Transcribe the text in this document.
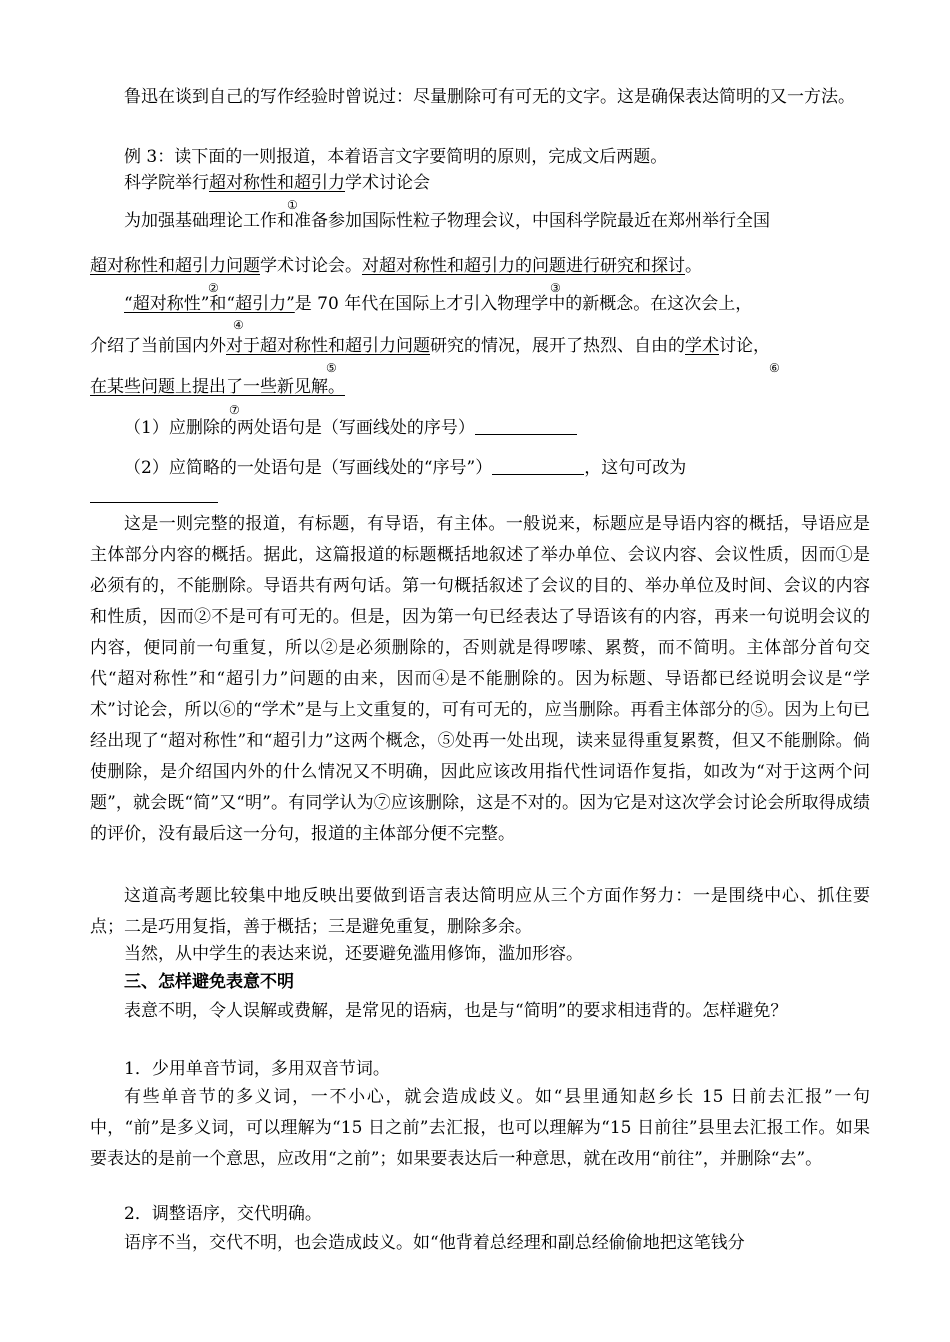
鲁迅在谈到自己的写作经验时曾说过：尽量删除可有可无的文字。这是确保表达简明的又一方法。
例 3：读下面的一则报道，本着语言文字要简明的原则，完成文后两题。
科学院举行超对称性和超引力学术讨论会
①
为加强基础理论工作和准备参加国际性粒子物理会议，中国科学院最近在郑州举行全国
超对称性和超引力问题学术讨论会。对超对称性和超引力的问题进行研究和探讨。
②	③
“超对称性”和“超引力”是 70 年代在国际上才引入物理学中的新概念。在这次会上，
④
介绍了当前国内外对于超对称性和超引力问题研究的情况，展开了热烈、自由的学术讨论，
⑤	⑥
在某些问题上提出了一些新见解。
⑦
（1）应删除的两处语句是（写画线处的序号）
（2）应简略的一处语句是（写画线处的“序号”）	，这句可改为
这是一则完整的报道，有标题，有导语，有主体。一般说来，标题应是导语内容的概括，导语应是主体部分内容的概括。据此，这篇报道的标题概括地叙述了举办单位、会议内容、会议性质，因而①是必须有的，不能删除。导语共有两句话。第一句概括叙述了会议的目的、举办单位及时间、会议的内容和性质，因而②不是可有可无的。但是，因为第一句已经表达了导语该有的内容，再来一句说明会议的内容，便同前一句重复，所以②是必须删除的，否则就是得啰嗦、累赘，而不简明。主体部分首句交代“超对称性”和“超引力”问题的由来，因而④是不能删除的。因为标题、导语都已经说明会议是“学术”讨论会，所以⑥的“学术”是与上文重复的，可有可无的，应当删除。再看主体部分的⑤。因为上句已经出现了“超对称性”和“超引力”这两个概念，⑤处再一处出现，读来显得重复累赘，但又不能删除。倘使删除，是介绍国内外的什么情况又不明确，因此应该改用指代性词语作复指，如改为“对于这两个问题”，就会既“简”又“明”。有同学认为⑦应该删除，这是不对的。因为它是对这次学会讨论会所取得成绩的评价，没有最后这一分句，报道的主体部分便不完整。
这道高考题比较集中地反映出要做到语言表达简明应从三个方面作努力：一是围绕中心、抓住要点；二是巧用复指，善于概括；三是避免重复，删除多余。
当然，从中学生的表达来说，还要避免滥用修饰，滥加形容。
三、怎样避免表意不明
表意不明，令人误解或费解，是常见的语病，也是与“简明”的要求相违背的。怎样避免？
1．少用单音节词，多用双音节词。
有些单音节的多义词，一不小心，就会造成歧义。如“县里通知赵乡长 15 日前去汇报”一句中，“前”是多义词，可以理解为“15 日之前”去汇报，也可以理解为“15 日前往”县里去汇报工作。如果要表达的是前一个意思，应改用“之前”；如果要表达后一种意思，就在改用“前往”，并删除“去”。
2．调整语序，交代明确。
语序不当，交代不明，也会造成歧义。如“他背着总经理和副总经偷偷地把这笔钱分
